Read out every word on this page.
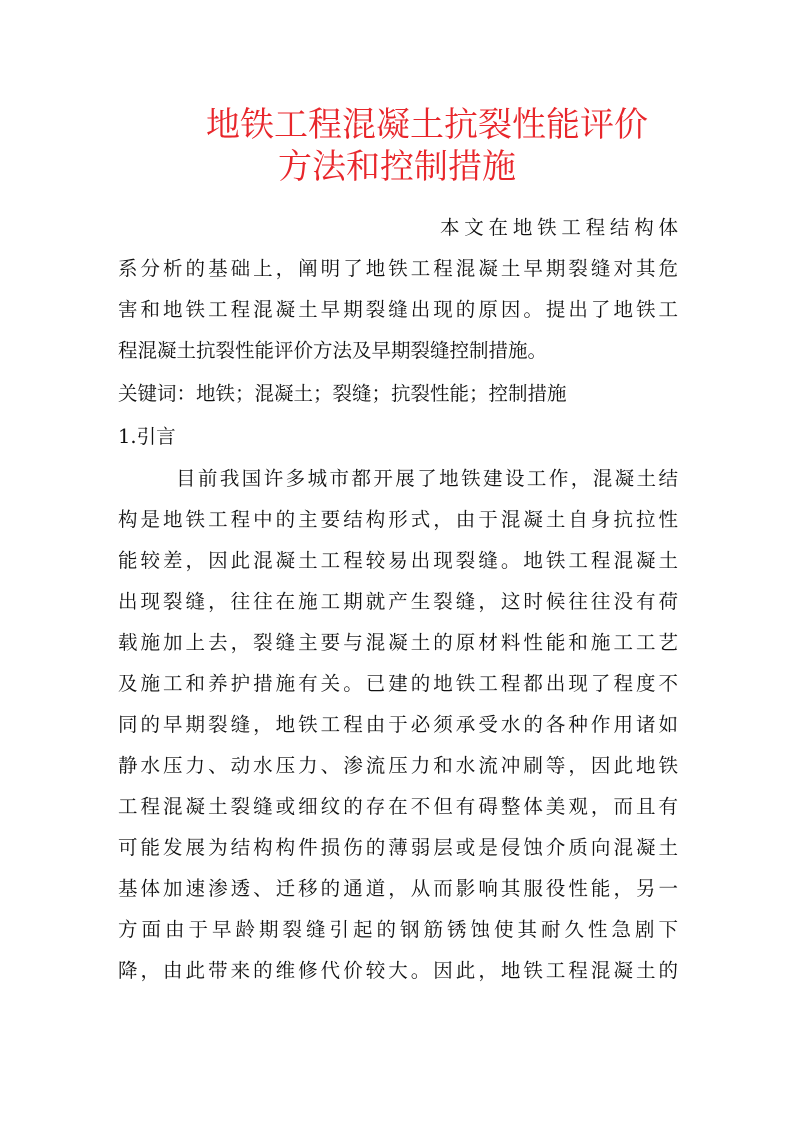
地铁工程混凝土抗裂性能评价
方法和控制措施

本文在地铁工程结构体

系分析的基础上，阐明了地铁工程混凝土早期裂缝对其危

害和地铁工程混凝土早期裂缝出现的原因。提出了地铁工

程混凝土抗裂性能评价方法及早期裂缝控制措施。

关键词：地铁；混凝土；裂缝；抗裂性能；控制措施

1.引言

目前我国许多城市都开展了地铁建设工作，混凝土结

构是地铁工程中的主要结构形式，由于混凝土自身抗拉性

能较差，因此混凝土工程较易出现裂缝。地铁工程混凝土

出现裂缝，往往在施工期就产生裂缝，这时候往往没有荷

载施加上去，裂缝主要与混凝土的原材料性能和施工工艺

及施工和养护措施有关。已建的地铁工程都出现了程度不

同的早期裂缝，地铁工程由于必须承受水的各种作用诸如

静水压力、动水压力、渗流压力和水流冲刷等，因此地铁

工程混凝土裂缝或细纹的存在不但有碍整体美观，而且有

可能发展为结构构件损伤的薄弱层或是侵蚀介质向混凝土

基体加速渗透、迁移的通道，从而影响其服役性能，另一

方面由于早龄期裂缝引起的钢筋锈蚀使其耐久性急剧下

降，由此带来的维修代价较大。因此，地铁工程混凝土的
